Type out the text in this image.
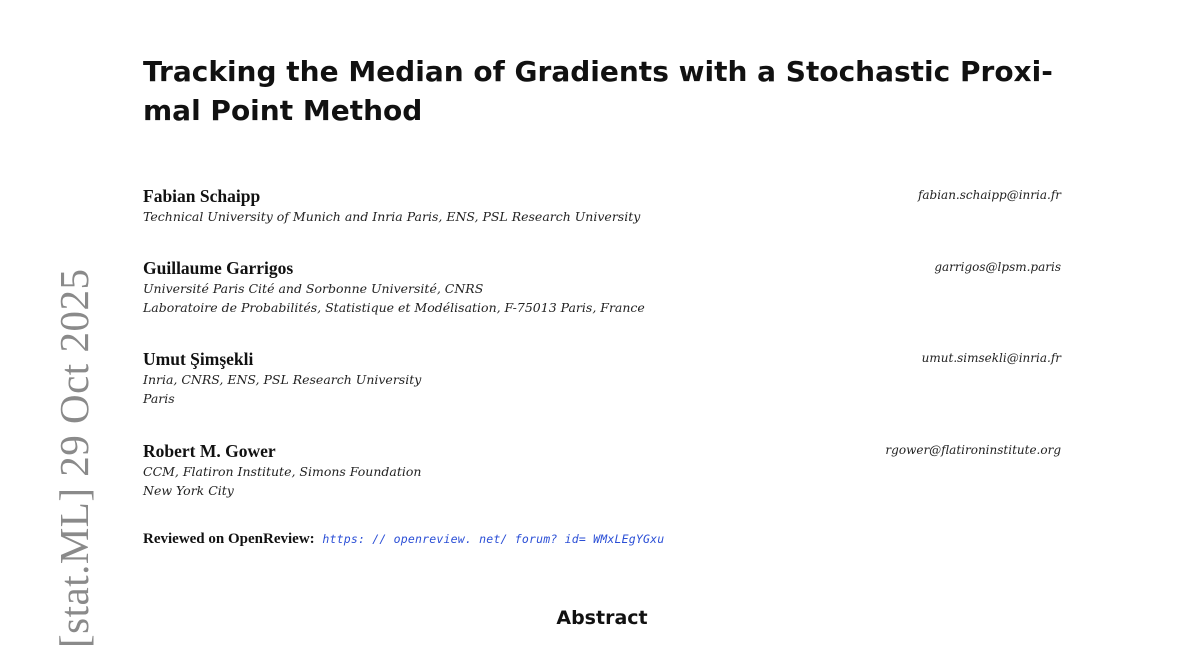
[stat.ML] 29 Oct 2025
Tracking the Median of Gradients with a Stochastic Proxi-
mal Point Method
Fabian Schaipp	fabian.schaipp@inria.fr
Technical University of Munich and Inria Paris, ENS, PSL Research University
Guillaume Garrigos	garrigos@lpsm.paris
Université Paris Cité and Sorbonne Université, CNRS
Laboratoire de Probabilités, Statistique et Modélisation, F-75013 Paris, France
Umut Şimşekli	umut.simsekli@inria.fr
Inria, CNRS, ENS, PSL Research University
Paris
Robert M. Gower	rgower@flatironinstitute.org
CCM, Flatiron Institute, Simons Foundation
New York City
Reviewed on OpenReview: https: // openreview. net/ forum? id= WMxLEgYGxu
Abstract
